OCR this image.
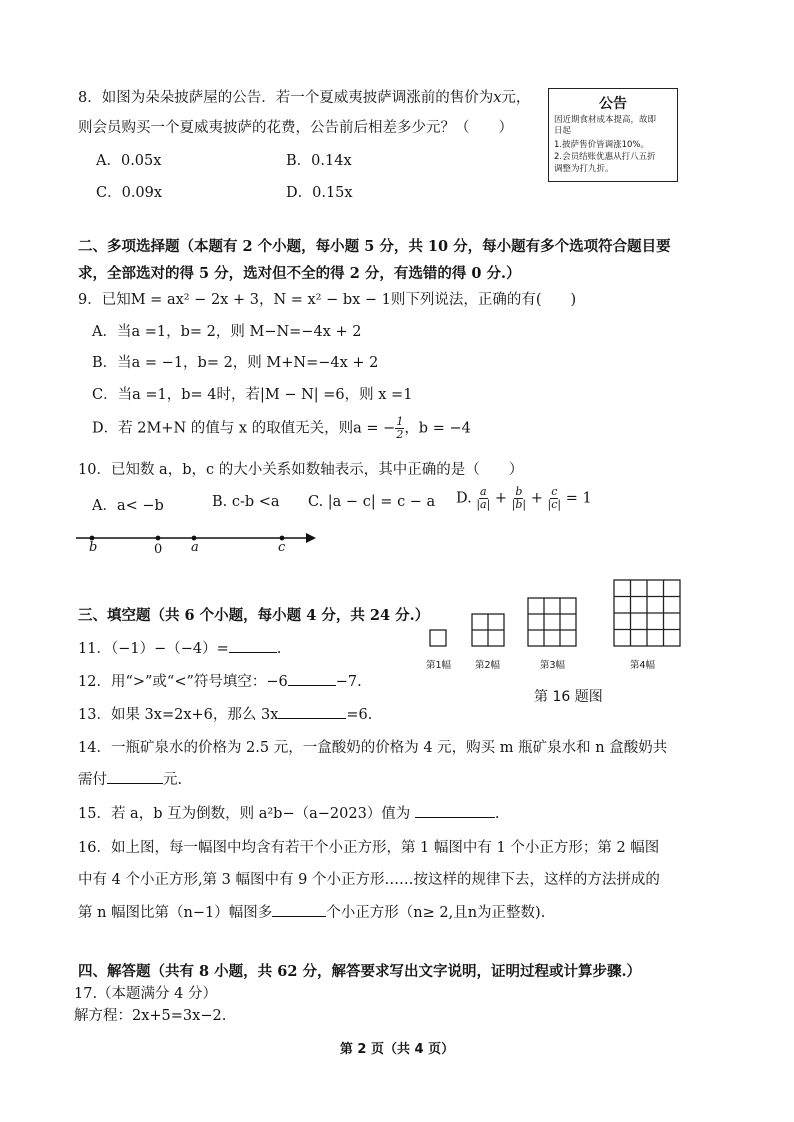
8．如图为朵朵披萨屋的公告．若一个夏威夷披萨调涨前的售价为x元，
则会员购买一个夏威夷披萨的花费，公告前后相差多少元？（　　）
A．0.05x	B．0.14x
C．0.09x	D．0.15x
公告
因近期食材成本提高，故即
日起
1.披萨售价皆调涨10%。
2.会员结账优惠从打八五折
调整为打九折。
二、多项选择题（本题有 2 个小题，每小题 5 分，共 10 分，每小题有多个选项符合题目要
求，全部选对的得 5 分，选对但不全的得 2 分，有选错的得 0 分.）
9．已知M = ax² − 2x + 3，N = x² − bx − 1则下列说法，正确的有(　　)
A．当a =1，b= 2，则 M−N=−4x + 2
B．当a = −1，b= 2，则 M+N=−4x + 2
C．当a =1，b= 4时，若|M − N| =6，则 x =1
D．若 2M+N 的值与 x 的取值无关，则a = − $\frac{1}{2}$ ，b = −4
10．已知数 a，b，c 的大小关系如数轴表示，其中正确的是（　　）
A．a< −b	B. c-b <a C. |a − c| = c − a D. $\frac{a}{|a|} + \frac{b}{|b|} + \frac{c}{|c|} = 1$
b	0 a	c
三、填空题（共 6 个小题，每小题 4 分，共 24 分.）
11．（−1）−（−4）=	.
12．用“>”或“<”符号填空：−6	−7.
13．如果 3x=2x+6，那么 3x	=6.
14．一瓶矿泉水的价格为 2.5 元，一盒酸奶的价格为 4 元，购买 m 瓶矿泉水和 n 盒酸奶共
需付	元.
15．若 a，b 互为倒数，则 a²b−（a−2023）值为	.
16．如上图，每一幅图中均含有若干个小正方形，第 1 幅图中有 1 个小正方形；第 2 幅图
中有 4 个小正方形,第 3 幅图中有 9 个小正方形……按这样的规律下去，这样的方法拼成的
第 n 幅图比第（n−1）幅图多	个小正方形（n≥ 2,且n为正整数).
第1幅	第2幅	第3幅	第4幅
第 16 题图
四、解答题（共有 8 小题，共 62 分，解答要求写出文字说明，证明过程或计算步骤.）
17.（本题满分 4 分）
解方程：2x+5=3x−2.
第 2 页（共 4 页）
